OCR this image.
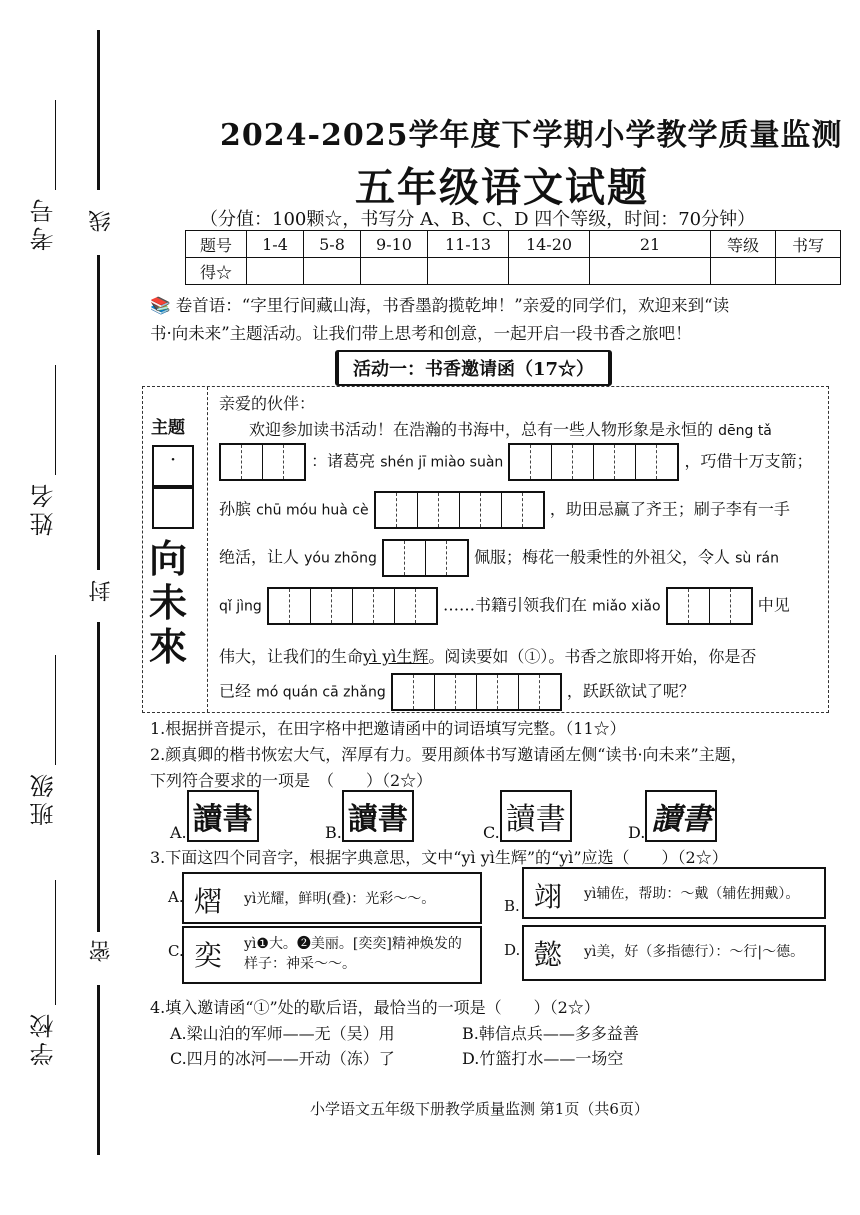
线
封
密
考号
姓名
班级
学校
2024-2025学年度下学期小学教学质量监测
五年级语文试题
（分值：100颗☆，书写分 A、B、C、D 四个等级，时间：70分钟）
题号	1-4	5-8	9-10	11-13	14-20	21	等级	书写
得☆								
📚 卷首语：“字里行间藏山海，书香墨韵揽乾坤！”亲爱的同学们，欢迎来到“读
书·向未来”主题活动。让我们带上思考和创意，一起开启一段书香之旅吧！
活动一：书香邀请函（17☆）
主题
·
向
未
來
亲爱的伙伴：
欢迎参加读书活动！在浩瀚的书海中，总有一些人物形象是永恒的 dēng tǎ
：诸葛亮 shén jī miào suàn	，巧借十万支箭；
孙膑 chū móu huà cè	，助田忌赢了齐王；刷子李有一手
绝活，让人 yóu zhōng	佩服；梅花一般秉性的外祖父，令人 sù rán
qǐ jìng	……书籍引领我们在 miǎo xiǎo	中见
伟大，让我们的生命yì yì生辉。阅读要如（①）。书香之旅即将开始，你是否
已经 mó quán cā zhǎng	，跃跃欲试了呢？
1.根据拼音提示，在田字格中把邀请函中的词语填写完整。（11☆）
2.颜真卿的楷书恢宏大气，浑厚有力。要用颜体书写邀请函左侧“读书·向未来”主题，
下列符合要求的一项是　（　　）（2☆）
A. 讀書	B. 讀書	C. 讀書	D. 讀書
3.下面这四个同音字，根据字典意思，文中“yì yì生辉”的“yì”应选（　　）（2☆）
A. 熠 yì光耀，鲜明(叠)：光彩～～。	B. 翊 yì辅佐，帮助：～戴（辅佐拥戴）。
C. 奕 yì❶大。❷美丽。[奕奕]精神焕发的样子：神采～～。
D. 懿 yì美，好（多指德行）：～行|～德。
4.填入邀请函“①”处的歇后语，最恰当的一项是（　　）（2☆）
A.梁山泊的军师——无（吴）用	B.韩信点兵——多多益善
C.四月的冰河——开动（冻）了	D.竹篮打水——一场空
小学语文五年级下册教学质量监测 第1页（共6页）
